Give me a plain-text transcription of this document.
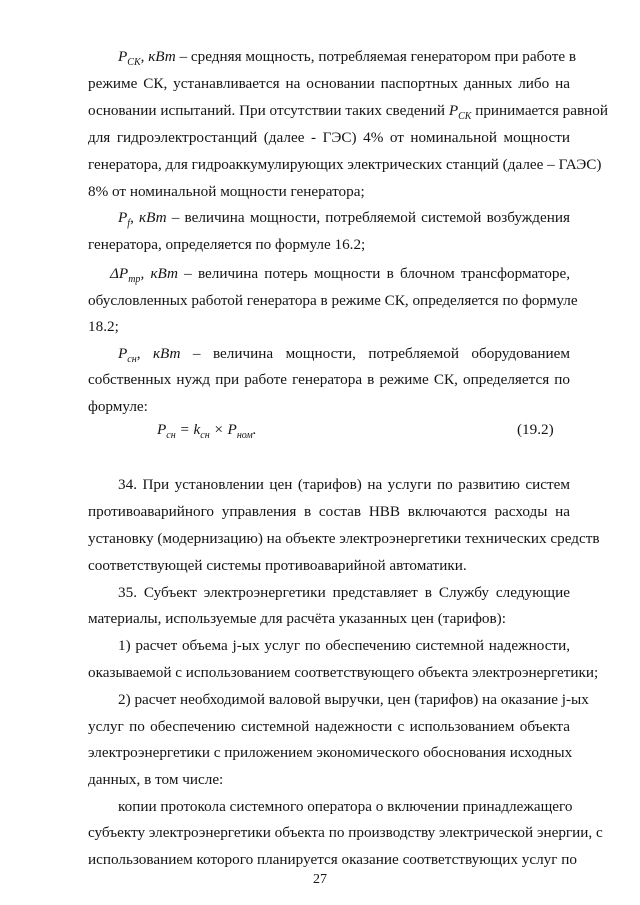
$P_{СК}$, кВт – средняя мощность, потребляемая генератором при работе в
режиме СК, устанавливается на основании паспортных данных либо на
основании испытаний. При отсутствии таких сведений $P_{СК}$ принимается равной
для гидроэлектростанций (далее - ГЭС) 4% от номинальной мощности
генератора, для гидроаккумулирующих электрических станций (далее – ГАЭС)
8% от номинальной мощности генератора;
$P_f$, кВт – величина мощности, потребляемой системой возбуждения
генератора, определяется по формуле 16.2;
$\Delta P_{тр}$, кВт – величина потерь мощности в блочном трансформаторе,
обусловленных работой генератора в режиме СК, определяется по формуле
18.2;
$P_{сн}$, кВт – величина мощности, потребляемой оборудованием
собственных нужд при работе генератора в режиме СК, определяется по
формуле:
$P_{сн} = k_{сн} \times P_{ном}$.	(19.2)
34. При установлении цен (тарифов) на услуги по развитию систем
противоаварийного управления в состав НВВ включаются расходы на
установку (модернизацию) на объекте электроэнергетики технических средств
соответствующей системы противоаварийной автоматики.
35. Субъект электроэнергетики представляет в Службу следующие
материалы, используемые для расчёта указанных цен (тарифов):
1) расчет объема j-ых услуг по обеспечению системной надежности,
оказываемой с использованием соответствующего объекта электроэнергетики;
2) расчет необходимой валовой выручки, цен (тарифов) на оказание j-ых
услуг по обеспечению системной надежности с использованием объекта
электроэнергетики с приложением экономического обоснования исходных
данных, в том числе:
копии протокола системного оператора о включении принадлежащего
субъекту электроэнергетики объекта по производству электрической энергии, с
использованием которого планируется оказание соответствующих услуг по
27
